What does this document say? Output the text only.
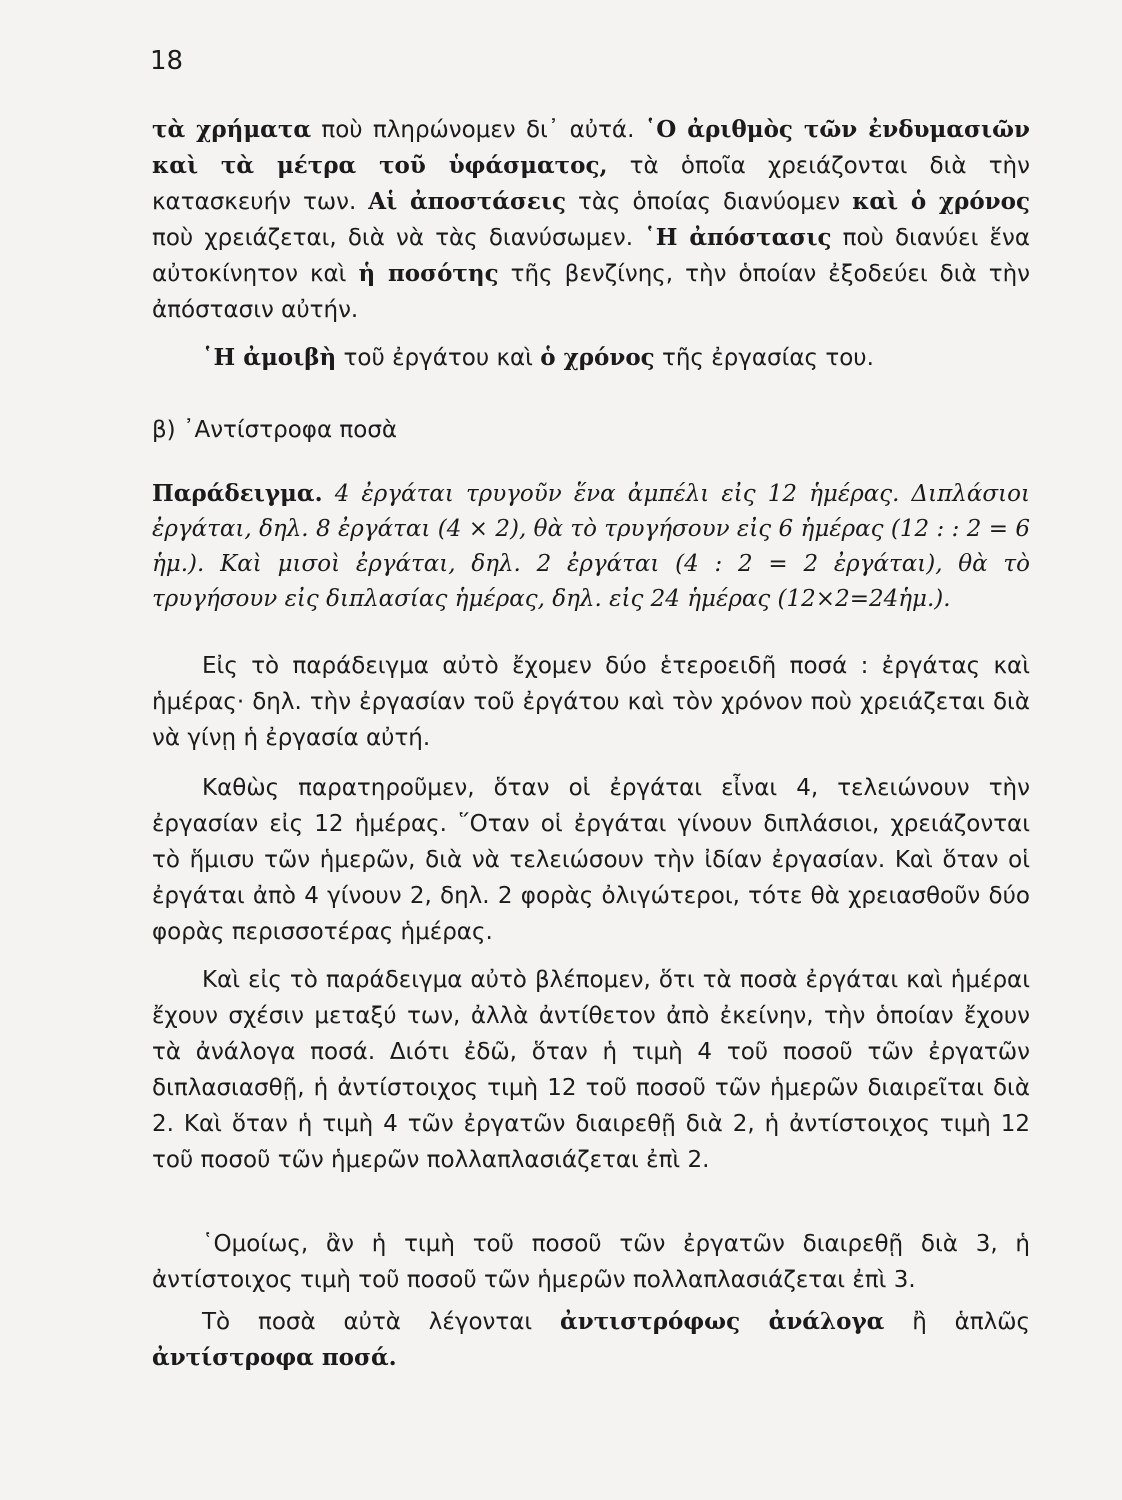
18

τὰ χρήματα ποὺ πληρώνομεν δι᾿ αὐτά. ῾Ο ἀριθμὸς τῶν ἐνδυμασιῶν καὶ τὰ μέτρα τοῦ ὑφάσματος, τὰ ὁποῖα χρειάζονται διὰ τὴν κατασκευήν των. Αἱ ἀποστάσεις τὰς ὁποίας διανύομεν καὶ ὁ χρόνος ποὺ χρειάζεται, διὰ νὰ τὰς διανύσωμεν. ῾Η ἀπόστασις ποὺ διανύει ἕνα αὐτοκίνητον καὶ ἡ ποσότης τῆς βενζίνης, τὴν ὁποίαν ἐξοδεύει διὰ τὴν ἀπόστασιν αὐτήν.

῾Η ἀμοιβὴ τοῦ ἐργάτου καὶ ὁ χρόνος τῆς ἐργασίας του.

β) ᾿Αντίστροφα ποσὰ

Παράδειγμα. 4 ἐργάται τρυγοῦν ἕνα ἀμπέλι εἰς 12 ἡμέρας. Διπλάσιοι ἐργάται, δηλ. 8 ἐργάται (4 × 2), θὰ τὸ τρυγήσουν εἰς 6 ἡμέρας (12 : : 2 = 6 ἡμ.). Καὶ μισοὶ ἐργάται, δηλ. 2 ἐργάται (4 : 2 = 2 ἐργάται), θὰ τὸ τρυγήσουν εἰς διπλασίας ἡμέρας, δηλ. εἰς 24 ἡμέρας (12×2=24ἡμ.).

Εἰς τὸ παράδειγμα αὐτὸ ἔχομεν δύο ἑτεροειδῆ ποσά : ἐργάτας καὶ ἡμέρας· δηλ. τὴν ἐργασίαν τοῦ ἐργάτου καὶ τὸν χρόνον ποὺ χρειάζεται διὰ νὰ γίνῃ ἡ ἐργασία αὐτή.

Καθὼς παρατηροῦμεν, ὅταν οἱ ἐργάται εἶναι 4, τελειώνουν τὴν ἐργασίαν εἰς 12 ἡμέρας. ῞Οταν οἱ ἐργάται γίνουν διπλάσιοι, χρειάζονται τὸ ἥμισυ τῶν ἡμερῶν, διὰ νὰ τελειώσουν τὴν ἰδίαν ἐργασίαν. Καὶ ὅταν οἱ ἐργάται ἀπὸ 4 γίνουν 2, δηλ. 2 φορὰς ὀλιγώτεροι, τότε θὰ χρειασθοῦν δύο φορὰς περισσοτέρας ἡμέρας.

Καὶ εἰς τὸ παράδειγμα αὐτὸ βλέπομεν, ὅτι τὰ ποσὰ ἐργάται καὶ ἡμέραι ἔχουν σχέσιν μεταξύ των, ἀλλὰ ἀντίθετον ἀπὸ ἐκείνην, τὴν ὁποίαν ἔχουν τὰ ἀνάλογα ποσά. Διότι ἐδῶ, ὅταν ἡ τιμὴ 4 τοῦ ποσοῦ τῶν ἐργατῶν διπλασιασθῇ, ἡ ἀντίστοιχος τιμὴ 12 τοῦ ποσοῦ τῶν ἡμερῶν διαιρεῖται διὰ 2. Καὶ ὅταν ἡ τιμὴ 4 τῶν ἐργατῶν διαιρεθῇ διὰ 2, ἡ ἀντίστοιχος τιμὴ 12 τοῦ ποσοῦ τῶν ἡμερῶν πολλαπλασιάζεται ἐπὶ 2.

῾Ομοίως, ἂν ἡ τιμὴ τοῦ ποσοῦ τῶν ἐργατῶν διαιρεθῇ διὰ 3, ἡ ἀντίστοιχος τιμὴ τοῦ ποσοῦ τῶν ἡμερῶν πολλαπλασιάζεται ἐπὶ 3.

Τὸ ποσὰ αὐτὰ λέγονται ἀντιστρόφως ἀνάλογα ἢ ἁπλῶς ἀντίστροφα ποσά.
